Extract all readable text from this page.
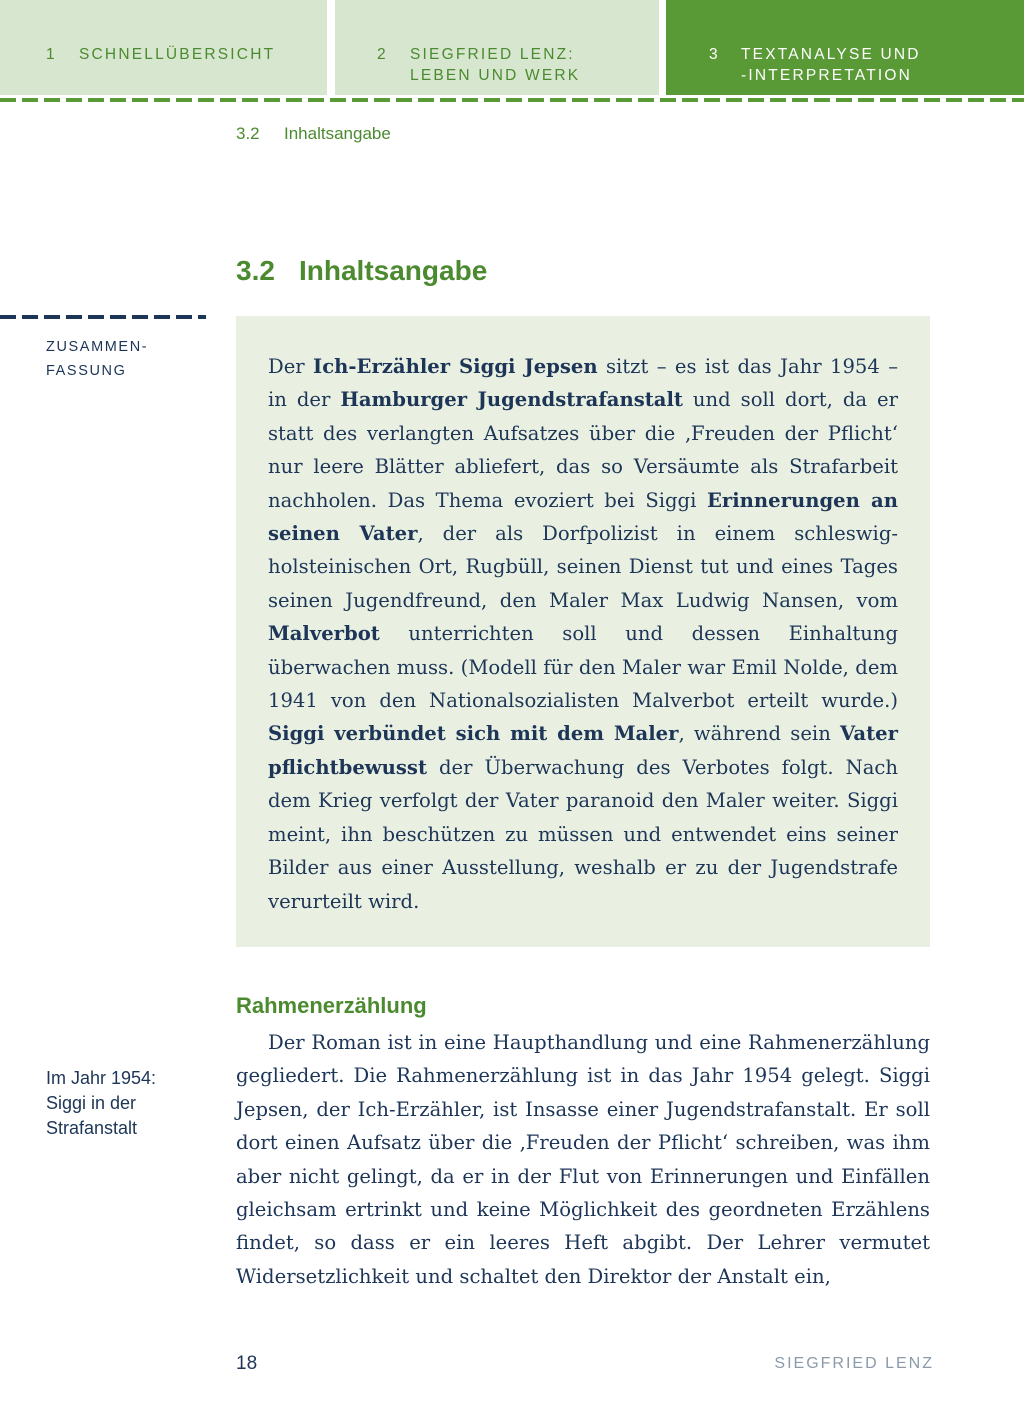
1 SCHNELLÜBERSICHT	2 SIEGFRIED LENZ:
LEBEN UND WERK
3 TEXTANALYSE UND
-INTERPRETATION
3.2 Inhaltsangabe
3.2 Inhaltsangabe
ZUSAMMEN-
FASSUNG	Der Ich-Erzähler Siggi Jepsen sitzt – es ist das Jahr 1954 – in der Hamburger Jugendstrafanstalt und soll dort, da er statt des verlangten Aufsatzes über die ‚Freuden der Pflicht‘ nur leere Blätter abliefert, das so Versäumte als Strafarbeit nachholen. Das Thema evoziert bei Siggi Erinnerungen an seinen Vater, der als Dorfpolizist in einem schleswigholsteinischen Ort, Rugbüll, seinen Dienst tut und eines Tages seinen Jugendfreund, den Maler Max Ludwig Nansen, vom Malverbot unterrichten soll und dessen Einhaltung überwachen muss. (Modell für den Maler war Emil Nolde, dem 1941 von den Nationalsozialisten Malverbot erteilt wurde.) Siggi verbündet sich mit dem Maler, während sein Vater pflichtbewusst der Überwachung des Verbotes folgt. Nach dem Krieg verfolgt der Vater paranoid den Maler weiter. Siggi meint, ihn beschützen zu müssen und entwendet eins seiner Bilder aus einer Ausstellung, weshalb er zu der Jugendstrafe verurteilt wird.
Rahmenerzählung
Der Roman ist in eine Haupthandlung und eine Rahmenerzählung gegliedert. Die Rahmenerzählung ist in das Jahr 1954 gelegt. Siggi Jepsen, der Ich-Erzähler, ist Insasse einer Jugendstrafanstalt. Er soll dort einen Aufsatz über die ‚Freuden der Pflicht‘ schreiben, was ihm aber nicht gelingt, da er in der Flut von Erinnerungen und Einfällen gleichsam ertrinkt und keine Möglichkeit des geordneten Erzählens findet, so dass er ein leeres Heft abgibt. Der Lehrer vermutet Widersetzlichkeit und schaltet den Direktor der Anstalt ein,
Im Jahr 1954:
Siggi in der
Strafanstalt
18	SIEGFRIED LENZ
